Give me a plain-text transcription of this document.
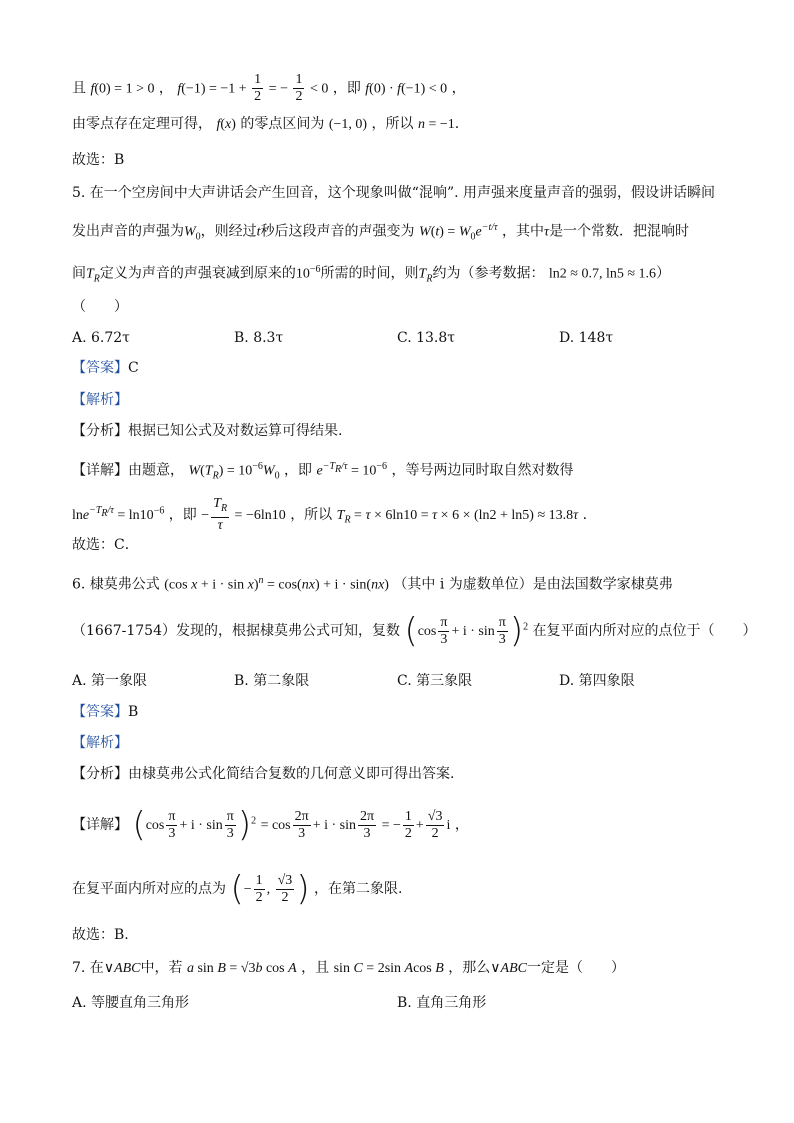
且 f(0) = 1 > 0 ， $f(-1) = -1 + \frac{1}{2}$ = − $\frac{1}{2} < 0$ ，即 f(0) · f(−1) < 0 ，
由零点存在定理可得， f(x) 的零点区间为 (−1, 0) ，所以 n = −1.
故选：B
5. 在一个空房间中大声讲话会产生回音，这个现象叫做“混响”. 用声强来度量声音的强弱，假设讲话瞬间
发出声音的声强为$W_0$，则经过t秒后这段声音的声强变为 $W(t) = W_0e^{-t/\tau}$ ，其中τ是一个常数．把混响时
间$T_R$定义为声音的声强衰减到原来的$10^{-6}$所需的时间，则$T_R$约为（参考数据： ln2 ≈ 0.7, ln5 ≈ 1.6）
（　　）
A. 6.72τ	B. 8.3τ	C. 13.8τ	D. 148τ
【答案】C
【解析】
【分析】根据已知公式及对数运算可得结果.
【详解】由题意， $W(T_R) = 10^{-6}W_0$ ，即 $e^{-T_R/\tau} = 10^{-6}$ ，等号两边同时取自然对数得
$\ln e^{-T_R/\tau} = \ln 10^{-6}$ ，即 − $\frac{T_R}{\tau} = -6\ln 10$ ，所以 $T_R = \tau \times 6\ln 10 = \tau \times 6 \times (\ln 2 + \ln 5) \approx 13.8\tau$ .
故选：C．
6. 棣莫弗公式 (cos x + i · sin x)$^n$ = cos(nx) + i · sin(nx) （其中 i 为虚数单位）是由法国数学家棣莫弗
（1667-1754）发现的，根据棣莫弗公式可知，复数 $(\cos \frac{\pi}{3} + i \cdot \sin \frac{\pi}{3} )^2$ 在复平面内所对应的点位于（　　）
A. 第一象限	B. 第二象限	C. 第三象限	D. 第四象限
【答案】B
【解析】
【分析】由棣莫弗公式化简结合复数的几何意义即可得出答案.
【详解】 $(\cos \frac{\pi}{3} + i \cdot \sin \frac{\pi}{3} )^2 = \cos \frac{2\pi}{3} + i \cdot \sin \frac{2\pi}{3}$ = − $\frac{1}{2} + \frac{√3}{2}$ i ，
在复平面内所对应的点为 (− $\frac{1}{2}$ , $\frac{√3}{2}$ ) ，在第二象限.
故选：B.
7. 在∨ABC中，若 a sin B = √3b cos A ，且 sin C = 2sin Acos B ，那么∨ABC一定是（　　）
A. 等腰直角三角形	B. 直角三角形
